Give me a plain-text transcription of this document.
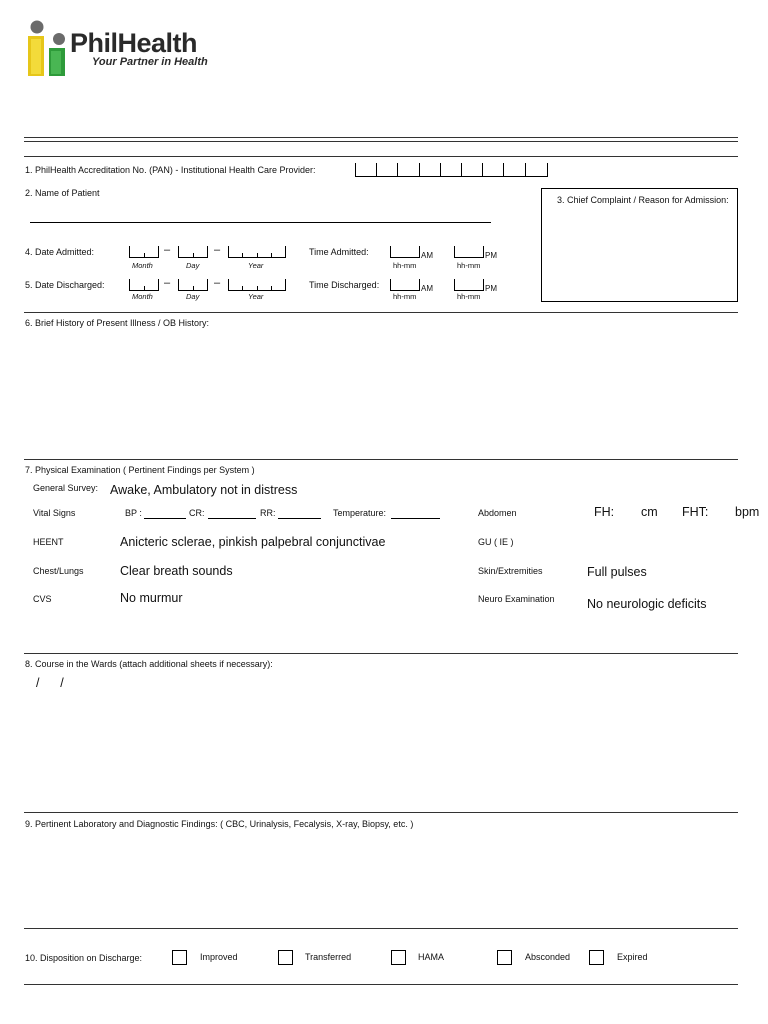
PhilHealth
Your Partner in Health
1. PhilHealth Accreditation No. (PAN) - Institutional Health Care Provider:
2. Name of Patient
3. Chief Complaint / Reason for Admission:
4. Date Admitted:	–	–
Month	Day	Year
Time Admitted:	AM	PM
hh-mm	hh-mm
5. Date Discharged:	–	–
Month	Day	Year
Time Discharged:	AM	PM
hh-mm	hh-mm
6. Brief History of Present Illness / OB History:
7. Physical Examination ( Pertinent Findings per System )
General Survey: Awake, Ambulatory not in distress
Vital Signs	BP :	CR:	RR:	Temperature:	Abdomen	FH: cm FHT: bpm
HEENT	Anicteric sclerae, pinkish palpebral conjunctivae	GU ( IE )
Chest/Lungs	Clear breath sounds	Skin/Extremities	Full pulses
CVS	No murmur	Neuro Examination	No neurologic deficits
8. Course in the Wards (attach additional sheets if necessary):
/      /
9. Pertinent Laboratory and Diagnostic Findings: ( CBC, Urinalysis, Fecalysis, X-ray, Biopsy, etc. )
10. Disposition on Discharge:	Improved	Transferred	HAMA	Absconded	Expired
